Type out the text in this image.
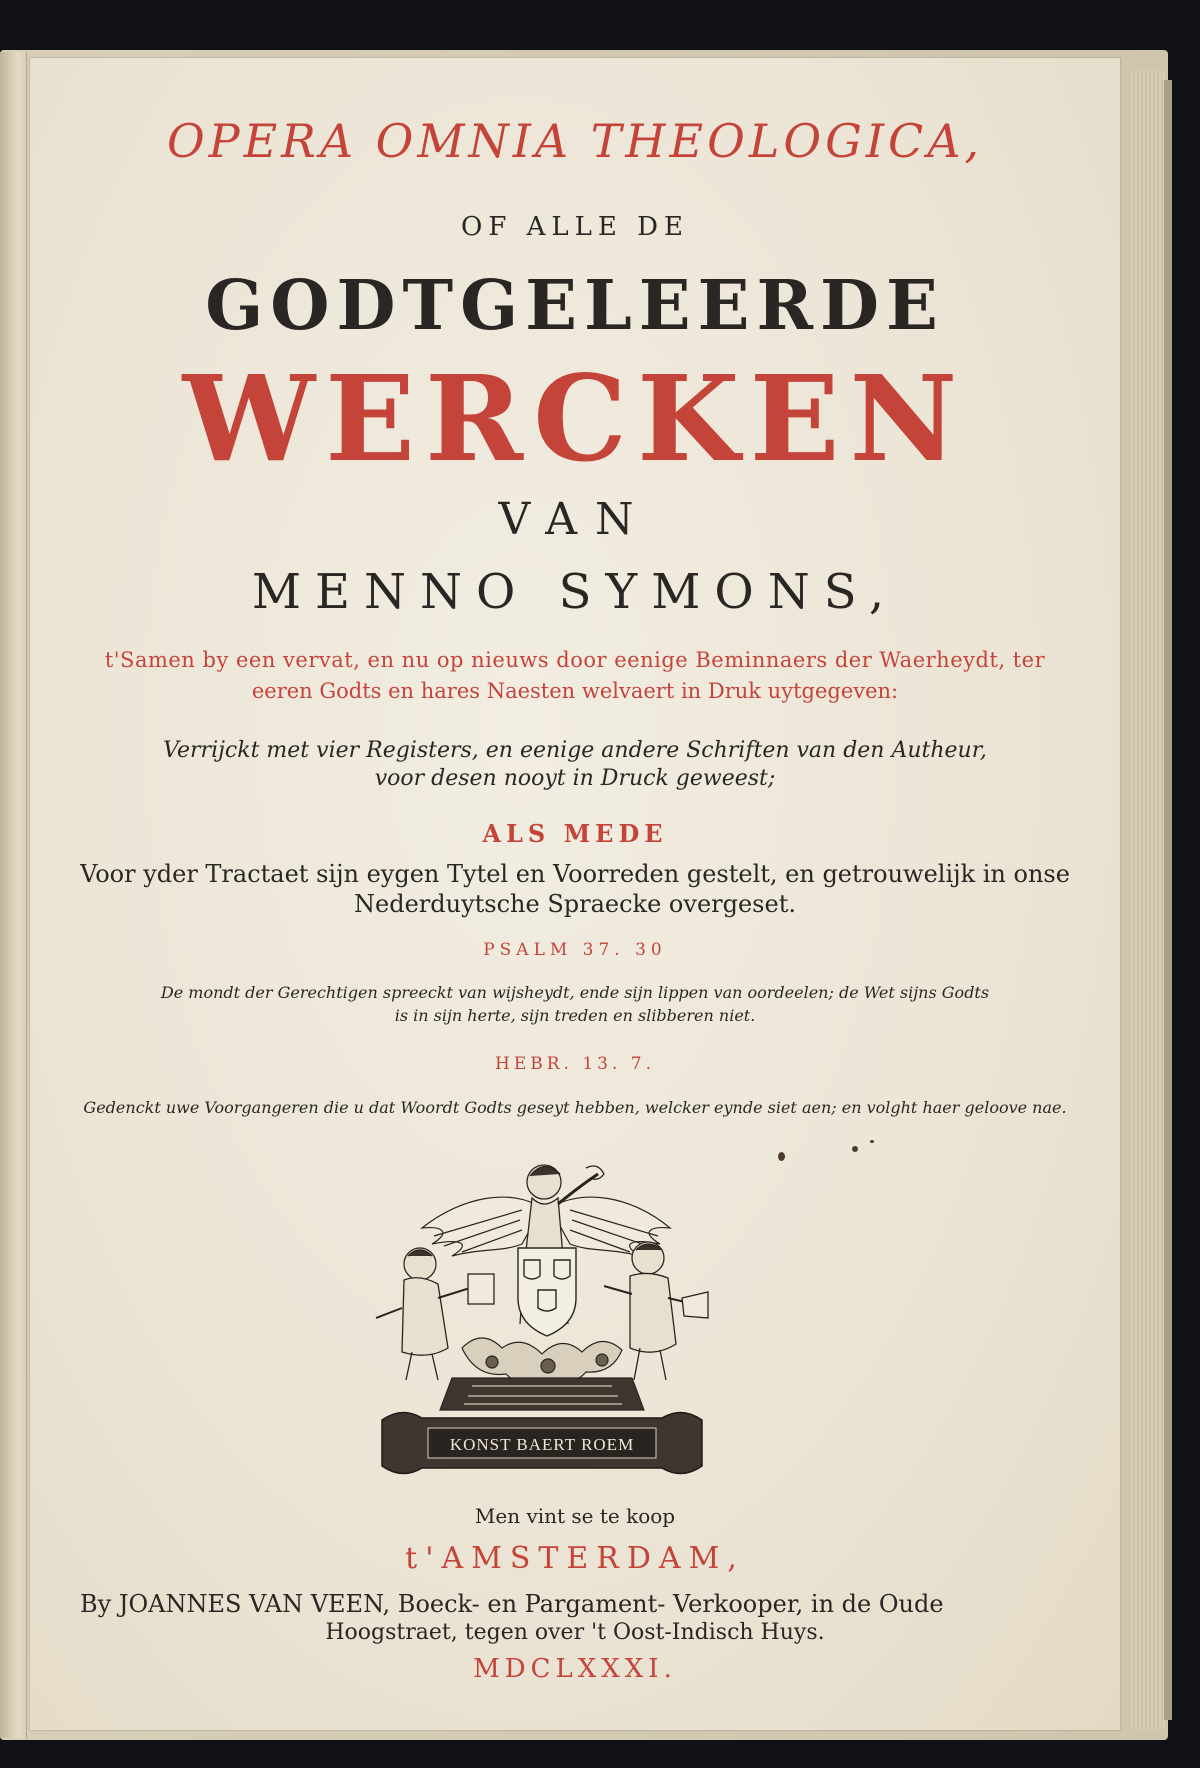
OPERA OMNIA THEOLOGICA,
OF ALLE DE
GODTGELEERDE
WERCKEN
VAN
MENNO SYMONS,
t'Samen by een vervat, en nu op nieuws door eenige Beminnaers der Waerheydt, ter
eeren Godts en hares Naesten welvaert in Druk uytgegeven:
Verrijckt met vier Registers, en eenige andere Schriften van den Autheur,
voor desen nooyt in Druck geweest;
ALS MEDE
Voor yder Tractaet sijn eygen Tytel en Voorreden gestelt, en getrouwelijk in onse
Nederduytsche Spraecke overgeset.
PSALM 37. 30
De mondt der Gerechtigen spreeckt van wijsheydt, ende sijn lippen van oordeelen; de Wet sijns Godts
is in sijn herte, sijn treden en slibberen niet.
HEBR. 13. 7.
Gedenckt uwe Voorgangeren die u dat Woordt Godts geseyt hebben, welcker eynde siet aen; en volght haer geloove nae.
KONST BAERT ROEM
Men vint se te koop
t'AMSTERDAM,
By JOANNES VAN VEEN, Boeck- en Pargament- Verkooper, in de Oude
Hoogstraet, tegen over 't Oost-Indisch Huys.
MDCLXXXI.
